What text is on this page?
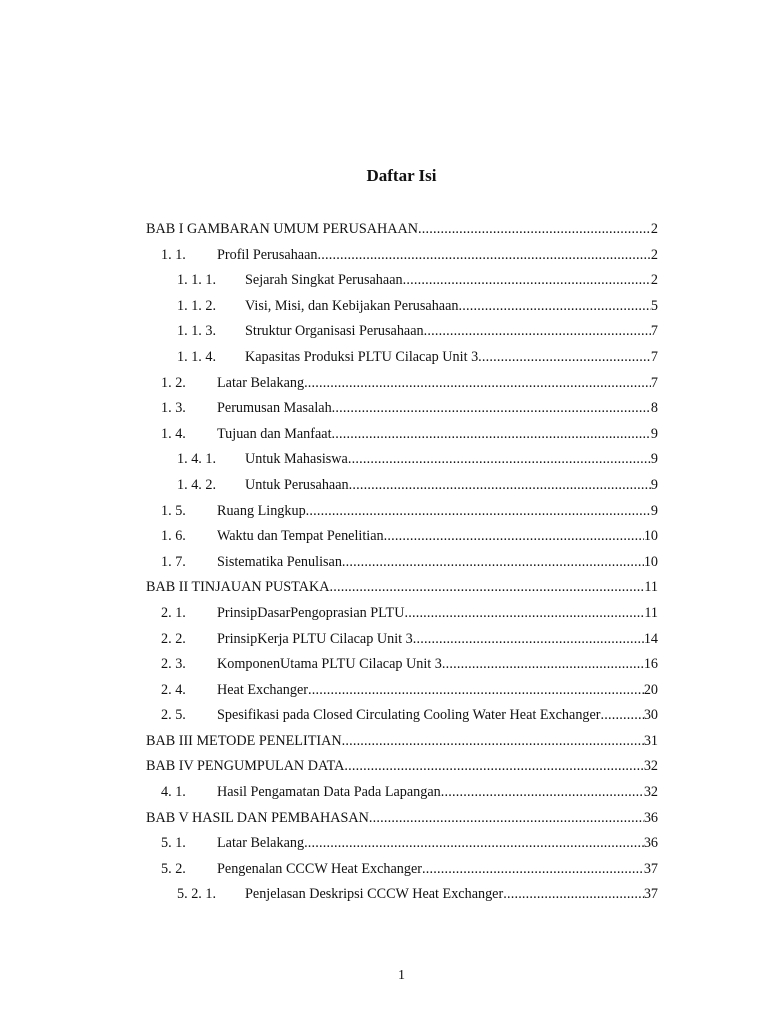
Daftar Isi
BAB I GAMBARAN UMUM PERUSAHAAN .....	2
1. 1. Profil Perusahaan .....	2
1. 1. 1. Sejarah Singkat Perusahaan .....	2
1. 1. 2. Visi, Misi, dan Kebijakan Perusahaan .....	5
1. 1. 3. Struktur Organisasi Perusahaan .....	7
1. 1. 4. Kapasitas Produksi PLTU Cilacap Unit 3 .....	7
1. 2. Latar Belakang .....	7
1. 3. Perumusan Masalah .....	8
1. 4. Tujuan dan Manfaat .....	9
1. 4. 1. Untuk Mahasiswa .....	9
1. 4. 2. Untuk Perusahaan .....	9
1. 5. Ruang Lingkup .....	9
1. 6. Waktu dan Tempat Penelitian .....	10
1. 7. Sistematika Penulisan .....	10
BAB II TINJAUAN PUSTAKA .....	11
2. 1. PrinsipDasarPengoprasian PLTU .....	11
2. 2. PrinsipKerja PLTU Cilacap Unit 3 .....	14
2. 3. KomponenUtama PLTU Cilacap Unit 3 .....	16
2. 4. Heat Exchanger .....	20
2. 5. Spesifikasi pada Closed Circulating Cooling Water Heat Exchanger .....	30
BAB III METODE PENELITIAN .....	31
BAB IV PENGUMPULAN DATA .....	32
4. 1. Hasil Pengamatan Data Pada Lapangan .....	32
BAB V HASIL DAN PEMBAHASAN .....	36
5. 1. Latar Belakang .....	36
5. 2. Pengenalan CCCW Heat Exchanger .....	37
5. 2. 1. Penjelasan Deskripsi CCCW Heat Exchanger .....	37
1
